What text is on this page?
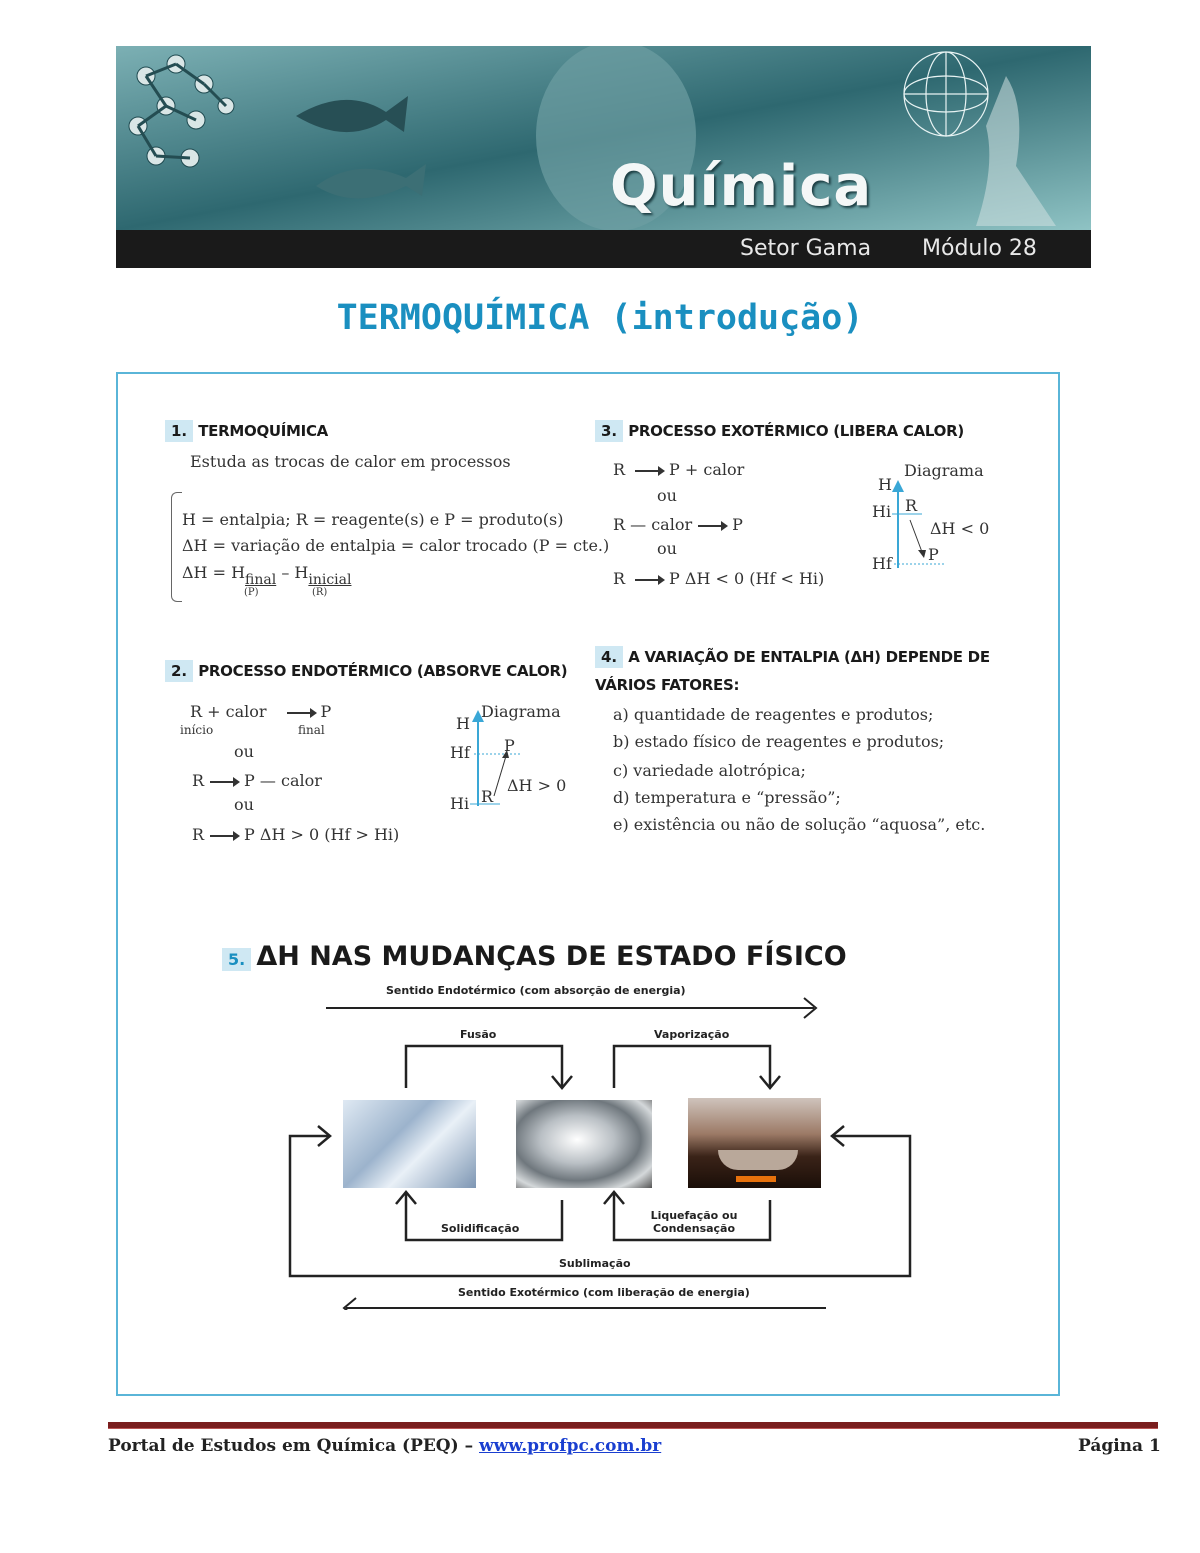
Química
Setor Gama Módulo 28
TERMOQUÍMICA (introdução)
1. TERMOQUÍMICA
Estuda as trocas de calor em processos
H = entalpia; R = reagente(s) e P = produto(s)
ΔH = variação de entalpia = calor trocado (P = cte.)
ΔH = Hfinal – Hinicial
(P)	(R)
2. PROCESSO ENDOTÉRMICO (ABSORVE CALOR)
R + calor → P
início	final
ou
R → P — calor
ou
R → P ΔH > 0 (Hf > Hi)
Diagrama
H
Hf P
ΔH > 0
Hi R
3. PROCESSO EXOTÉRMICO (LIBERA CALOR)
R → P + calor
ou
R — calor → P
ou
R → P ΔH < 0 (Hf < Hi)
Diagrama
H
Hi R
ΔH < 0
P
Hf
4. A VARIAÇÃO DE ENTALPIA (ΔH) DEPENDE DE
VÁRIOS FATORES:
a) quantidade de reagentes e produtos;
b) estado físico de reagentes e produtos;
c) variedade alotrópica;
d) temperatura e “pressão”;
e) existência ou não de solução “aquosa”, etc.
5. ΔH NAS MUDANÇAS DE ESTADO FÍSICO
Sentido Endotérmico (com absorção de energia)
Fusão	Vaporização
Solidificação
Liquefação ou
Condensação
Sublimação
Sentido Exotérmico (com liberação de energia)
Portal de Estudos em Química (PEQ) – www.profpc.com.br	Página 1
